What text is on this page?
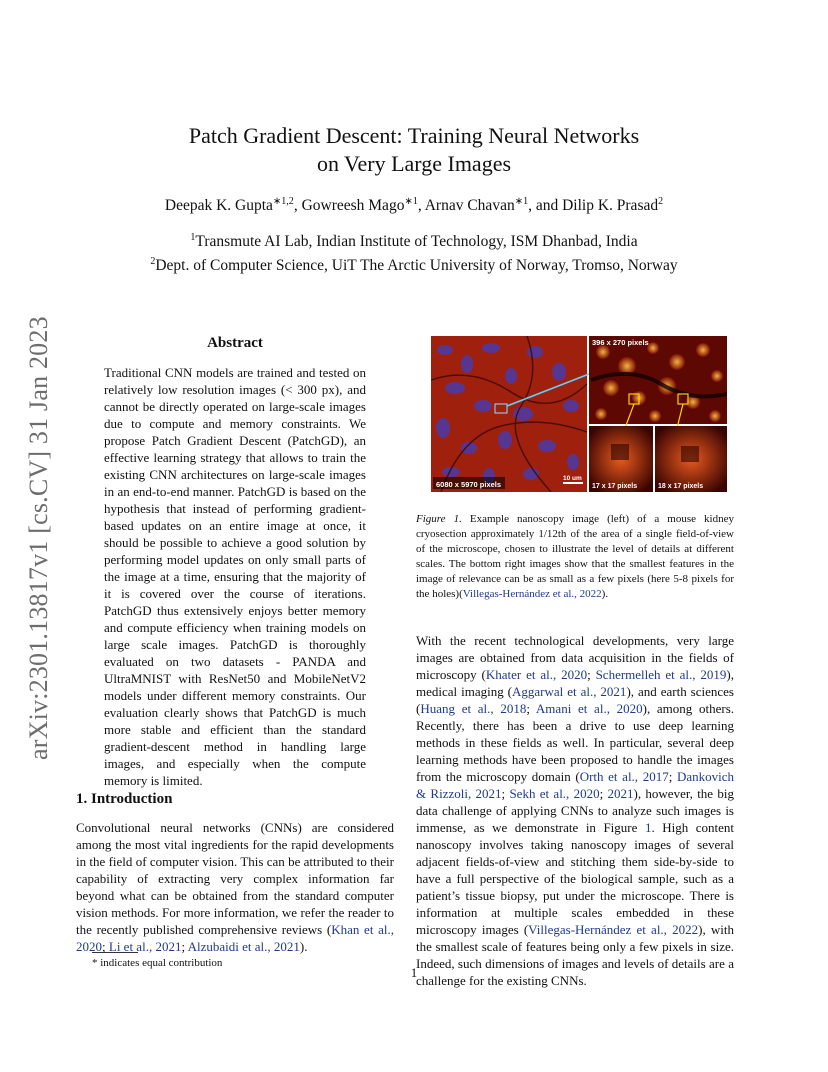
Patch Gradient Descent: Training Neural Networks
on Very Large Images
Deepak K. Gupta$^{∗1,2}$, Gowreesh Mago$^{∗1}$, Arnav Chavan$^{∗1}$, and Dilip K. Prasad$^2$
$^1$Transmute AI Lab, Indian Institute of Technology, ISM Dhanbad, India
$^2$Dept. of Computer Science, UiT The Arctic University of Norway, Tromso, Norway
arXiv:2301.13817v1 [cs.CV] 31 Jan 2023	Abstract
Traditional CNN models are trained and tested on relatively low resolution images (< 300 px), and cannot be directly operated on large-scale images due to compute and memory constraints. We propose Patch Gradient Descent (PatchGD), an effective learning strategy that allows to train the existing CNN architectures on large-scale images in an end-to-end manner. PatchGD is based on the hypothesis that instead of performing gradient-based updates on an entire image at once, it should be possible to achieve a good solution by performing model updates on only small parts of the image at a time, ensuring that the majority of it is covered over the course of iterations. PatchGD thus extensively enjoys better memory and compute efficiency when training models on large scale images. PatchGD is thoroughly evaluated on two datasets - PANDA and UltraMNIST with ResNet50 and MobileNetV2 models under different memory constraints. Our evaluation clearly shows that PatchGD is much more stable and efficient than the standard gradient-descent method in handling large images, and especially when the compute memory is limited.
1. Introduction
Convolutional neural networks (CNNs) are considered among the most vital ingredients for the rapid developments in the field of computer vision. This can be attributed to their capability of extracting very complex information far beyond what can be obtained from the standard computer vision methods. For more information, we refer the reader to the recently published comprehensive reviews (Khan et al., 2020; Li et al., 2021; Alzubaidi et al., 2021).
* indicates equal contribution
1
6080 x 5970 pixels
10 um
396 x 270 pixels
17 x 17 pixels	18 x 17 pixels
Figure 1. Example nanoscopy image (left) of a mouse kidney cryosection approximately 1/12th of the area of a single field-of-view of the microscope, chosen to illustrate the level of details at different scales. The bottom right images show that the smallest features in the image of relevance can be as small as a few pixels (here 5-8 pixels for the holes)(Villegas-Hernández et al., 2022).
With the recent technological developments, very large images are obtained from data acquisition in the fields of microscopy (Khater et al., 2020; Schermelleh et al., 2019), medical imaging (Aggarwal et al., 2021), and earth sciences (Huang et al., 2018; Amani et al., 2020), among others. Recently, there has been a drive to use deep learning methods in these fields as well. In particular, several deep learning methods have been proposed to handle the images from the microscopy domain (Orth et al., 2017; Dankovich & Rizzoli, 2021; Sekh et al., 2020; 2021), however, the big data challenge of applying CNNs to analyze such images is immense, as we demonstrate in Figure 1. High content nanoscopy involves taking nanoscopy images of several adjacent fields-of-view and stitching them side-by-side to have a full perspective of the biological sample, such as a patient’s tissue biopsy, put under the microscope. There is information at multiple scales embedded in these microscopy images (Villegas-Hernández et al., 2022), with the smallest scale of features being only a few pixels in size. Indeed, such dimensions of images and levels of details are a challenge for the existing CNNs.
